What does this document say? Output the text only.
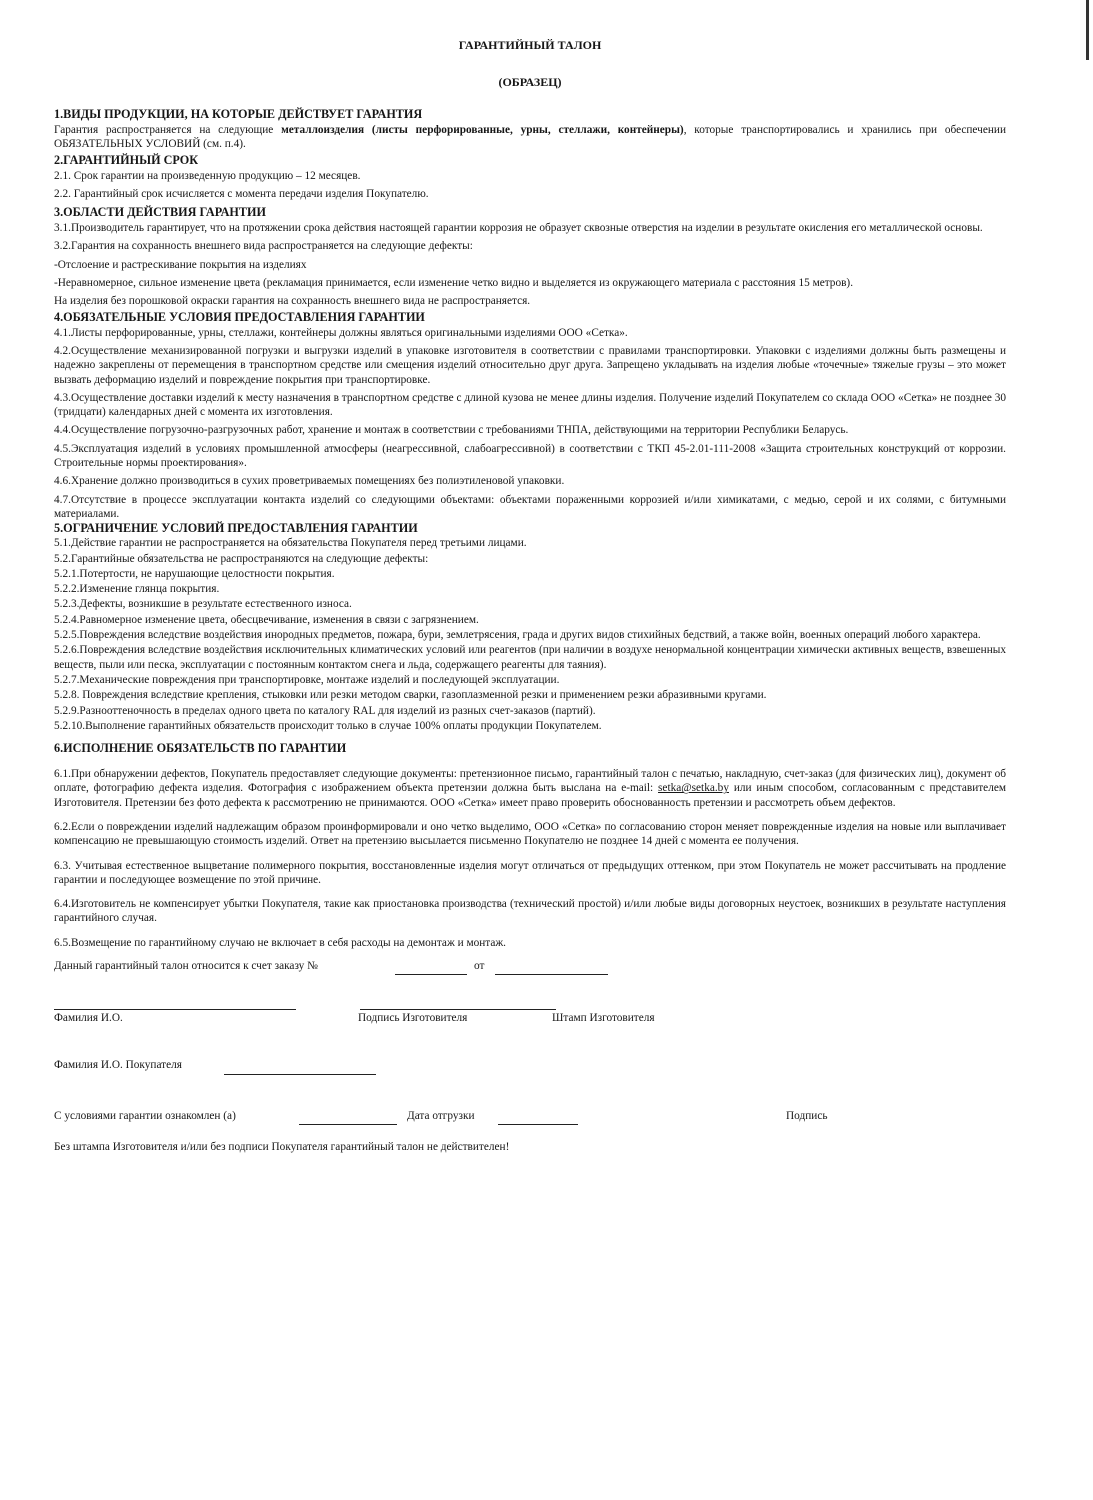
ГАРАНТИЙНЫЙ ТАЛОН
(ОБРАЗЕЦ)
1.ВИДЫ ПРОДУКЦИИ, НА КОТОРЫЕ ДЕЙСТВУЕТ ГАРАНТИЯ

Гарантия распространяется на следующие металлоизделия (листы перфорированные, урны, стеллажи, контейнеры), которые транспортировались и хранились при обеспечении ОБЯЗАТЕЛЬНЫХ УСЛОВИЙ (см. п.4).

2.ГАРАНТИЙНЫЙ СРОК

2.1. Срок гарантии на произведенную продукцию – 12 месяцев.

2.2. Гарантийный срок исчисляется с момента передачи изделия Покупателю.

3.ОБЛАСТИ ДЕЙСТВИЯ ГАРАНТИИ

3.1.Производитель гарантирует, что на протяжении срока действия настоящей гарантии коррозия не образует сквозные отверстия на изделии в результате окисления его металлической основы.

3.2.Гарантия на сохранность внешнего вида распространяется на следующие дефекты:

-Отслоение и растрескивание покрытия на изделиях

-Неравномерное, сильное изменение цвета (рекламация принимается, если изменение четко видно и выделяется из окружающего материала с расстояния 15 метров).

На изделия без порошковой окраски гарантия на сохранность внешнего вида не распространяется.

4.ОБЯЗАТЕЛЬНЫЕ УСЛОВИЯ ПРЕДОСТАВЛЕНИЯ ГАРАНТИИ

4.1.Листы перфорированные, урны, стеллажи, контейнеры должны являться оригинальными изделиями ООО «Сетка».

4.2.Осуществление механизированной погрузки и выгрузки изделий в упаковке изготовителя в соответствии с правилами транспортировки. Упаковки с изделиями должны быть размещены и надежно закреплены от перемещения в транспортном средстве или смещения изделий относительно друг друга. Запрещено укладывать на изделия любые «точечные» тяжелые грузы – это может вызвать деформацию изделий и повреждение покрытия при транспортировке.

4.3.Осуществление доставки изделий к месту назначения в транспортном средстве с длиной кузова не менее длины изделия. Получение изделий Покупателем со склада ООО «Сетка» не позднее 30 (тридцати) календарных дней с момента их изготовления.

4.4.Осуществление погрузочно-разгрузочных работ, хранение и монтаж в соответствии с требованиями ТНПА, действующими на территории Республики Беларусь.

4.5.Эксплуатация изделий в условиях промышленной атмосферы (неагрессивной, слабоагрессивной) в соответствии с ТКП 45-2.01-111-2008 «Защита строительных конструкций от коррозии. Строительные нормы проектирования».

4.6.Хранение должно производиться в сухих проветриваемых помещениях без полиэтиленовой упаковки.

4.7.Отсутствие в процессе эксплуатации контакта изделий со следующими объектами: объектами пораженными коррозией и/или химикатами, с медью, серой и их солями, с битумными материалами.

5.ОГРАНИЧЕНИЕ УСЛОВИЙ ПРЕДОСТАВЛЕНИЯ ГАРАНТИИ

5.1.Действие гарантии не распространяется на обязательства Покупателя перед третьими лицами.

5.2.Гарантийные обязательства не распространяются на следующие дефекты:

5.2.1.Потертости, не нарушающие целостности покрытия.

5.2.2.Изменение глянца покрытия.

5.2.3.Дефекты, возникшие в результате естественного износа.

5.2.4.Равномерное изменение цвета, обесцвечивание, изменения в связи с загрязнением.

5.2.5.Повреждения вследствие воздействия инородных предметов, пожара, бури, землетрясения, града и других видов стихийных бедствий, а также войн, военных операций любого характера.

5.2.6.Повреждения вследствие воздействия исключительных климатических условий или реагентов (при наличии в воздухе ненормальной концентрации химически активных веществ, взвешенных веществ, пыли или песка, эксплуатации с постоянным контактом снега и льда, содержащего реагенты для таяния).

5.2.7.Механические повреждения при транспортировке, монтаже изделий и последующей эксплуатации.

5.2.8. Повреждения вследствие крепления, стыковки или резки методом сварки, газоплазменной резки и применением резки абразивными кругами.

5.2.9.Разнооттеночность в пределах одного цвета по каталогу RAL для изделий из разных счет-заказов (партий).

5.2.10.Выполнение гарантийных обязательств происходит только в случае 100% оплаты продукции Покупателем.

6.ИСПОЛНЕНИЕ ОБЯЗАТЕЛЬСТВ ПО ГАРАНТИИ

6.1.При обнаружении дефектов, Покупатель предоставляет следующие документы: претензионное письмо, гарантийный талон с печатью, накладную, счет-заказ (для физических лиц), документ об оплате, фотографию дефекта изделия. Фотография с изображением объекта претензии должна быть выслана на e-mail: setka@setka.by или иным способом, согласованным с представителем Изготовителя. Претензии без фото дефекта к рассмотрению не принимаются. ООО «Сетка» имеет право проверить обоснованность претензии и рассмотреть объем дефектов.

6.2.Если о повреждении изделий надлежащим образом проинформировали и оно четко выделимо, ООО «Сетка» по согласованию сторон меняет поврежденные изделия на новые или выплачивает компенсацию не превышающую стоимость изделий. Ответ на претензию высылается письменно Покупателю не позднее 14 дней с момента ее получения.

6.3. Учитывая естественное выцветание полимерного покрытия, восстановленные изделия могут отличаться от предыдущих оттенком, при этом Покупатель не может рассчитывать на продление гарантии и последующее возмещение по этой причине.

6.4.Изготовитель не компенсирует убытки Покупателя, такие как приостановка производства (технический простой) и/или любые виды договорных неустоек, возникших в результате наступления гарантийного случая.

6.5.Возмещение по гарантийному случаю не включает в себя расходы на демонтаж и монтаж.

Данный гарантийный талон относится к счет заказу №	от
Фамилия И.О.	Подпись Изготовителя	Штамп Изготовителя
Фамилия И.О. Покупателя
С условиями гарантии ознакомлен (а)	Дата отгрузки	Подпись
Без штампа Изготовителя и/или без подписи Покупателя гарантийный талон не действителен!
